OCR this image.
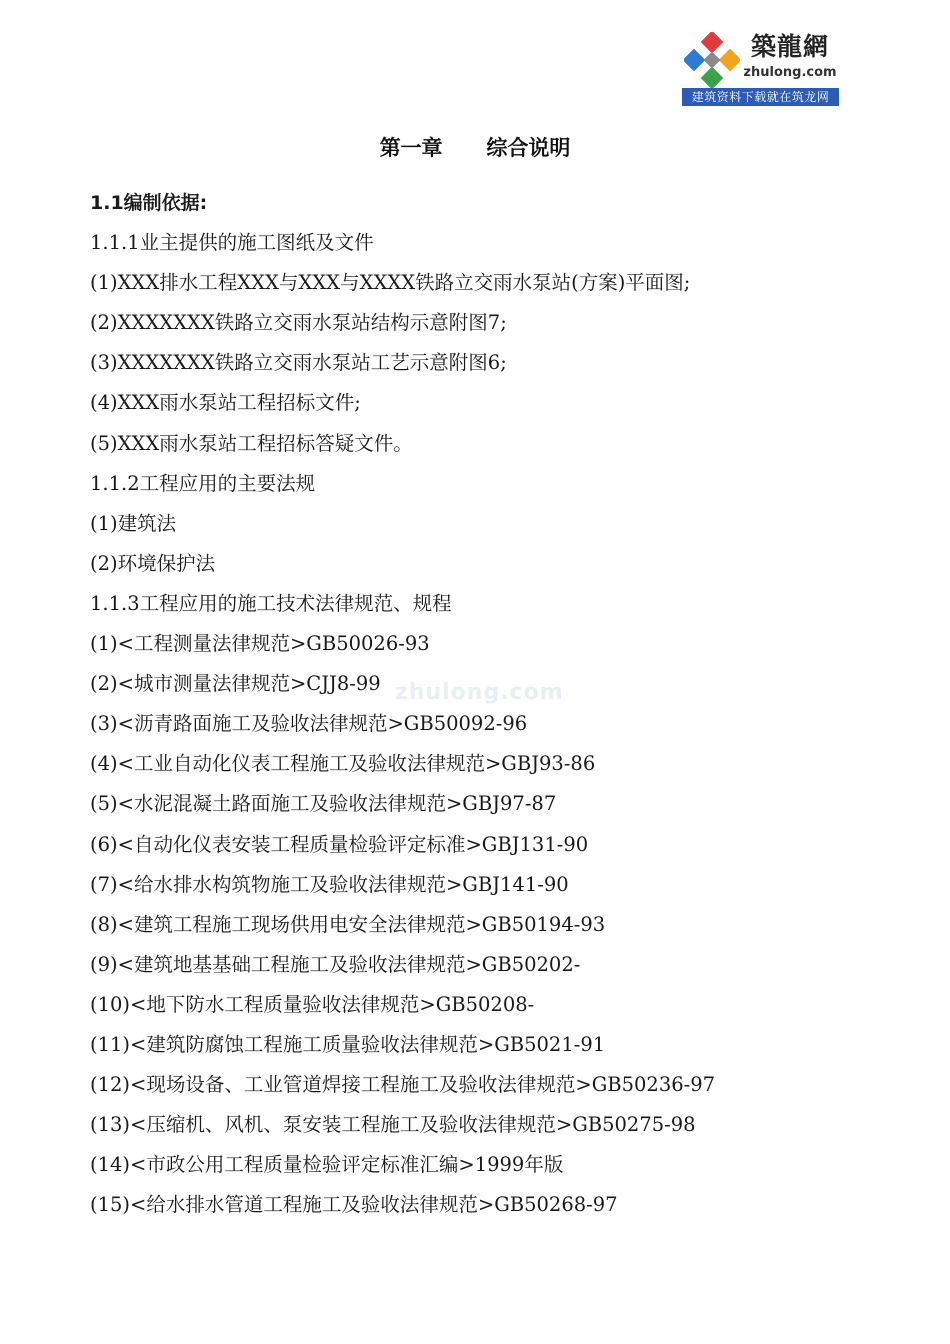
築龍網
zhulong.com
建筑资料下载就在筑龙网
zhulong.com
第一章      综合说明
1.1编制依据:
1.1.1业主提供的施工图纸及文件
(1)XXX排水工程XXX与XXX与XXXX铁路立交雨水泵站(方案)平面图;
(2)XXXXXXX铁路立交雨水泵站结构示意附图7;
(3)XXXXXXX铁路立交雨水泵站工艺示意附图6;
(4)XXX雨水泵站工程招标文件;
(5)XXX雨水泵站工程招标答疑文件。
1.1.2工程应用的主要法规
(1)建筑法
(2)环境保护法
1.1.3工程应用的施工技术法律规范、规程
(1)<工程测量法律规范>GB50026-93
(2)<城市测量法律规范>CJJ8-99
(3)<沥青路面施工及验收法律规范>GB50092-96
(4)<工业自动化仪表工程施工及验收法律规范>GBJ93-86
(5)<水泥混凝土路面施工及验收法律规范>GBJ97-87
(6)<自动化仪表安装工程质量检验评定标准>GBJ131-90
(7)<给水排水构筑物施工及验收法律规范>GBJ141-90
(8)<建筑工程施工现场供用电安全法律规范>GB50194-93
(9)<建筑地基基础工程施工及验收法律规范>GB50202-
(10)<地下防水工程质量验收法律规范>GB50208-
(11)<建筑防腐蚀工程施工质量验收法律规范>GB5021-91
(12)<现场设备、工业管道焊接工程施工及验收法律规范>GB50236-97
(13)<压缩机、风机、泵安装工程施工及验收法律规范>GB50275-98
(14)<市政公用工程质量检验评定标准汇编>1999年版
(15)<给水排水管道工程施工及验收法律规范>GB50268-97
